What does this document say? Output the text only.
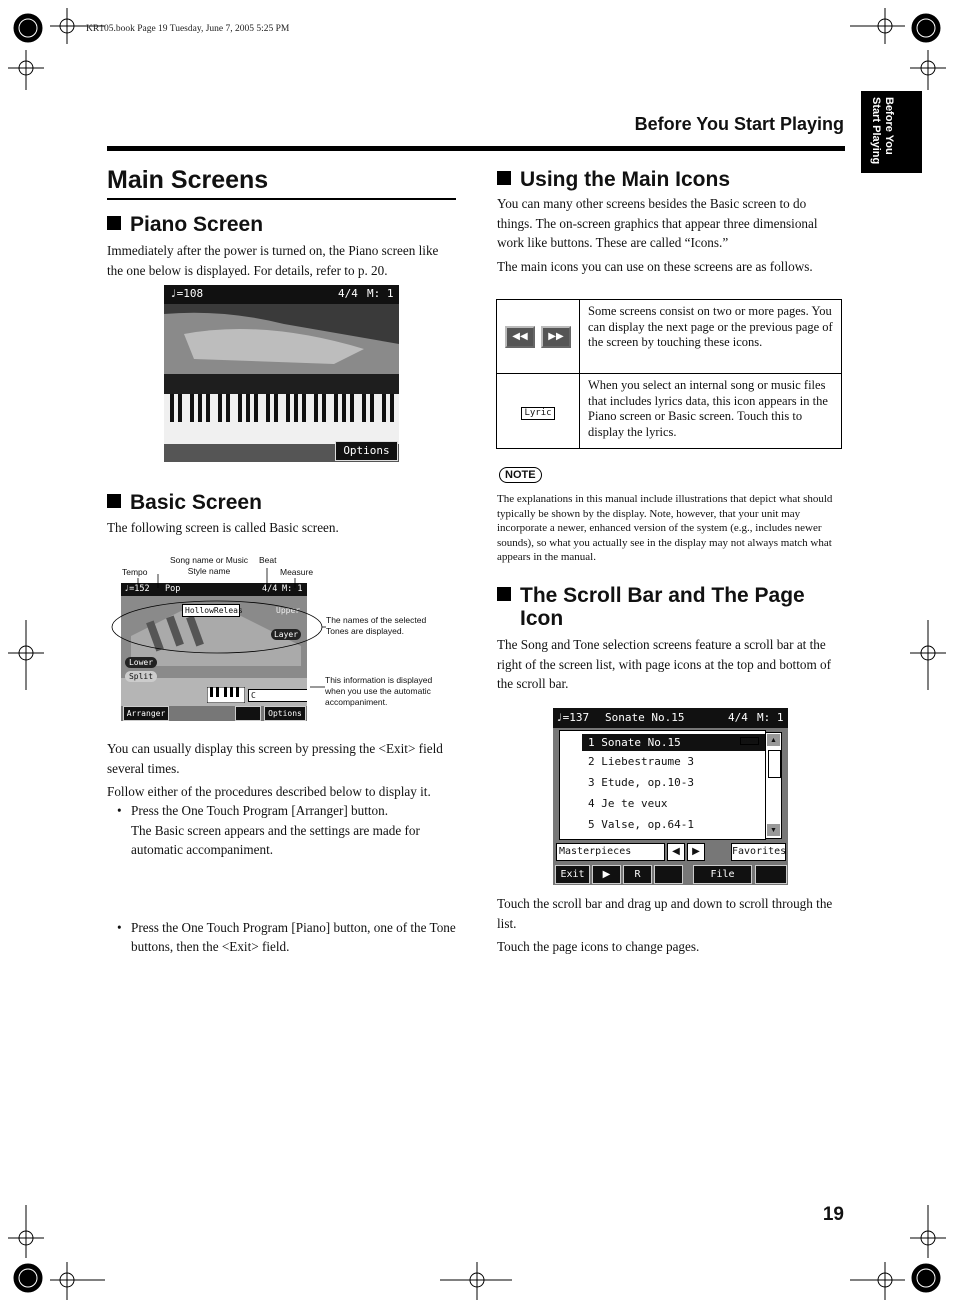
KR105.book Page 19 Tuesday, June 7, 2005 5:25 PM
Before You Start Playing	Before You
Start Playing
Main Screens
Piano Screen

Immediately after the power is turned on, the Piano screen like the one below is displayed. For details, refer to p. 20.

♩=108	4/4 M: 1
Options
Basic Screen

The following screen is called Basic screen.

Song name or Music
Style name
Beat
Tempo	Measure
The names of the selected Tones are displayed.
This information is displayed when you use the automatic accompaniment.
♩=152 Pop	4/4 M: 1
HollowReleas	Upper
Layer
Lower
Split
C
Arranger	Options

You can usually display this screen by pressing the <Exit> field several times.

Follow either of the procedures described below to display it.

• Press the One Touch Program [Arranger] button.
The Basic screen appears and the settings are made for automatic accompaniment.
• Press the One Touch Program [Piano] button, one of the Tone buttons, then the <Exit> field.
Using the Main Icons

You can many other screens besides the Basic screen to do things. The on-screen graphics that appear three dimensional work like buttons. These are called “Icons.”

The main icons you can use on these screens are as follows.

◀◀ ▶▶	Some screens consist on two or more pages. You can display the next page or the previous page of the screen by touching these icons.
Lyric	When you select an internal song or music files that includes lyrics data, this icon appears in the Piano screen or Basic screen. Touch this to display the lyrics.
NOTE
The explanations in this manual include illustrations that depict what should typically be shown by the display. Note, however, that your unit may incorporate a newer, enhanced version of the system (e.g., includes newer sounds), so what you actually see in the display may not always match what appears in the manual.
The Scroll Bar and The Page
Icon

The Song and Tone selection screens feature a scroll bar at the right of the screen list, with page icons at the top and bottom of the scroll bar.

♩=137 Sonate No.15	4/4 M: 1
1 Sonate No.15
2 Liebestraume 3
3 Etude, op.10-3
4 Je te veux
5 Valse, op.64-1
PIANO	▲
▼
Masterpieces	◀	▶	Favorites
Exit	▶	R	File

Touch the scroll bar and drag up and down to scroll through the list.

Touch the page icons to change pages.

19
